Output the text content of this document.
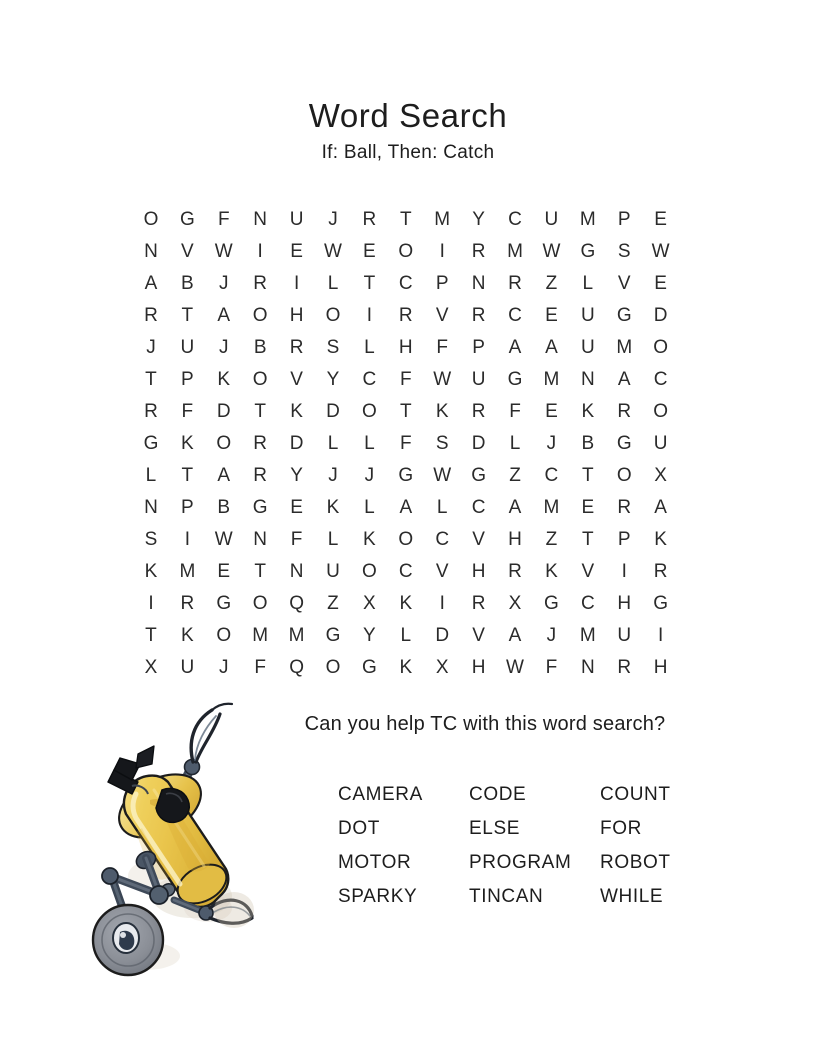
Word Search

If: Ball, Then: Catch

O	G	F	N	U	J	R	T	M	Y	C	U	M	P	E
N	V	W	I	E	W	E	O	I	R	M	W	G	S	W
A	B	J	R	I	L	T	C	P	N	R	Z	L	V	E
R	T	A	O	H	O	I	R	V	R	C	E	U	G	D
J	U	J	B	R	S	L	H	F	P	A	A	U	M	O
T	P	K	O	V	Y	C	F	W	U	G	M	N	A	C
R	F	D	T	K	D	O	T	K	R	F	E	K	R	O
G	K	O	R	D	L	L	F	S	D	L	J	B	G	U
L	T	A	R	Y	J	J	G	W	G	Z	C	T	O	X
N	P	B	G	E	K	L	A	L	C	A	M	E	R	A
S	I	W	N	F	L	K	O	C	V	H	Z	T	P	K
K	M	E	T	N	U	O	C	V	H	R	K	V	I	R
I	R	G	O	Q	Z	X	K	I	R	X	G	C	H	G
T	K	O	M	M	G	Y	L	D	V	A	J	M	U	I
X	U	J	F	Q	O	G	K	X	H	W	F	N	R	H
Can you help TC with this word search?
CAMERA	CODE	COUNT
DOT	ELSE	FOR
MOTOR	PROGRAM	ROBOT
SPARKY	TINCAN	WHILE
